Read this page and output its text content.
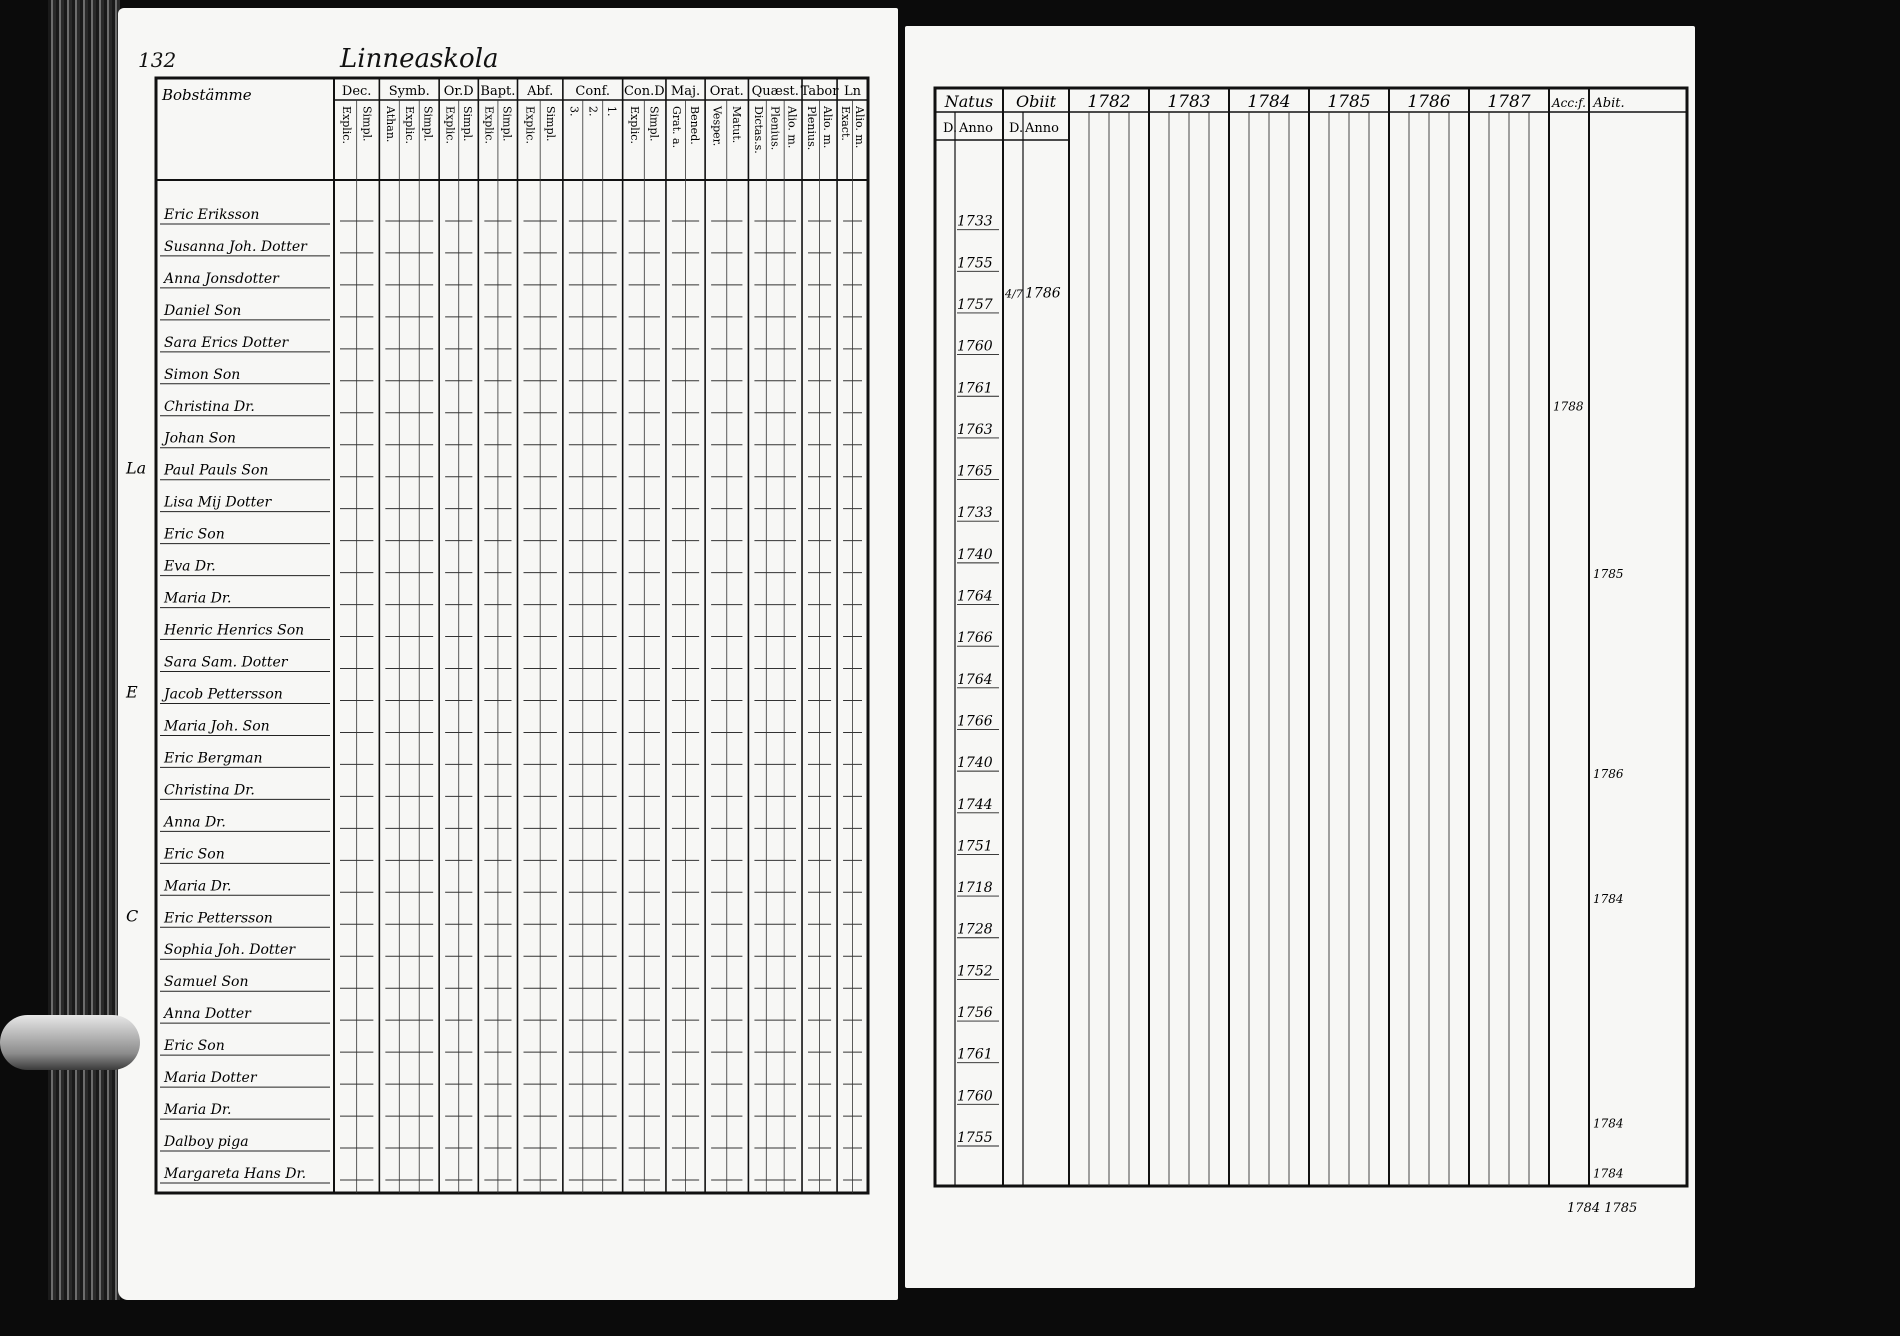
132	Linneaskola
Bobstämme	Dec.
Explic. Simpl.
Symb.
Athan. Explic. Simpl.
Or.D
Explic. Simpl.
Bapt.
Explic. Simpl.
Abf.
Explic. Simpl.
Conf.
3. 2. 1.
Con.D
Explic. Simpl.
Maj.
Grat. a. Bened.
Orat.
Vesper. Matut.
Quæst.
Dictas.s. Plenius. Alio. m.
Tabor
Plenius. Alio. m.
Ln
Exact. Alio. m.
Eric Eriksson
Susanna Joh. Dotter
Anna Jonsdotter
Daniel Son
Sara Erics Dotter
Simon Son
Christina Dr.
Johan Son
Paul Pauls Son
La
Lisa Mij Dotter
Eric Son
Eva Dr.
Maria Dr.
Henric Henrics Son
Sara Sam. Dotter
Jacob Pettersson
E
Maria Joh. Son
Eric Bergman
Christina Dr.
Anna Dr.
Eric Son
Maria Dr.
Eric Pettersson
C
Sophia Joh. Dotter
Samuel Son
Anna Dotter
Eric Son
Maria Dotter
Maria Dr.
Dalboy piga
Margareta Hans Dr.
Natus
D. Anno
Obiit
D. Anno
1782 1783 1784 1785 1786 1787 Acc:f. Abit.
1733
1755
1757
1760
1761
1763
1765
1733
1740
1764
1766
1764
1766
1740
1744
1751
1718
1728
1752
1756
1761
1760
1755
4/7 1786
1788
1785
1786
1784
1784
1784
1784 1785
